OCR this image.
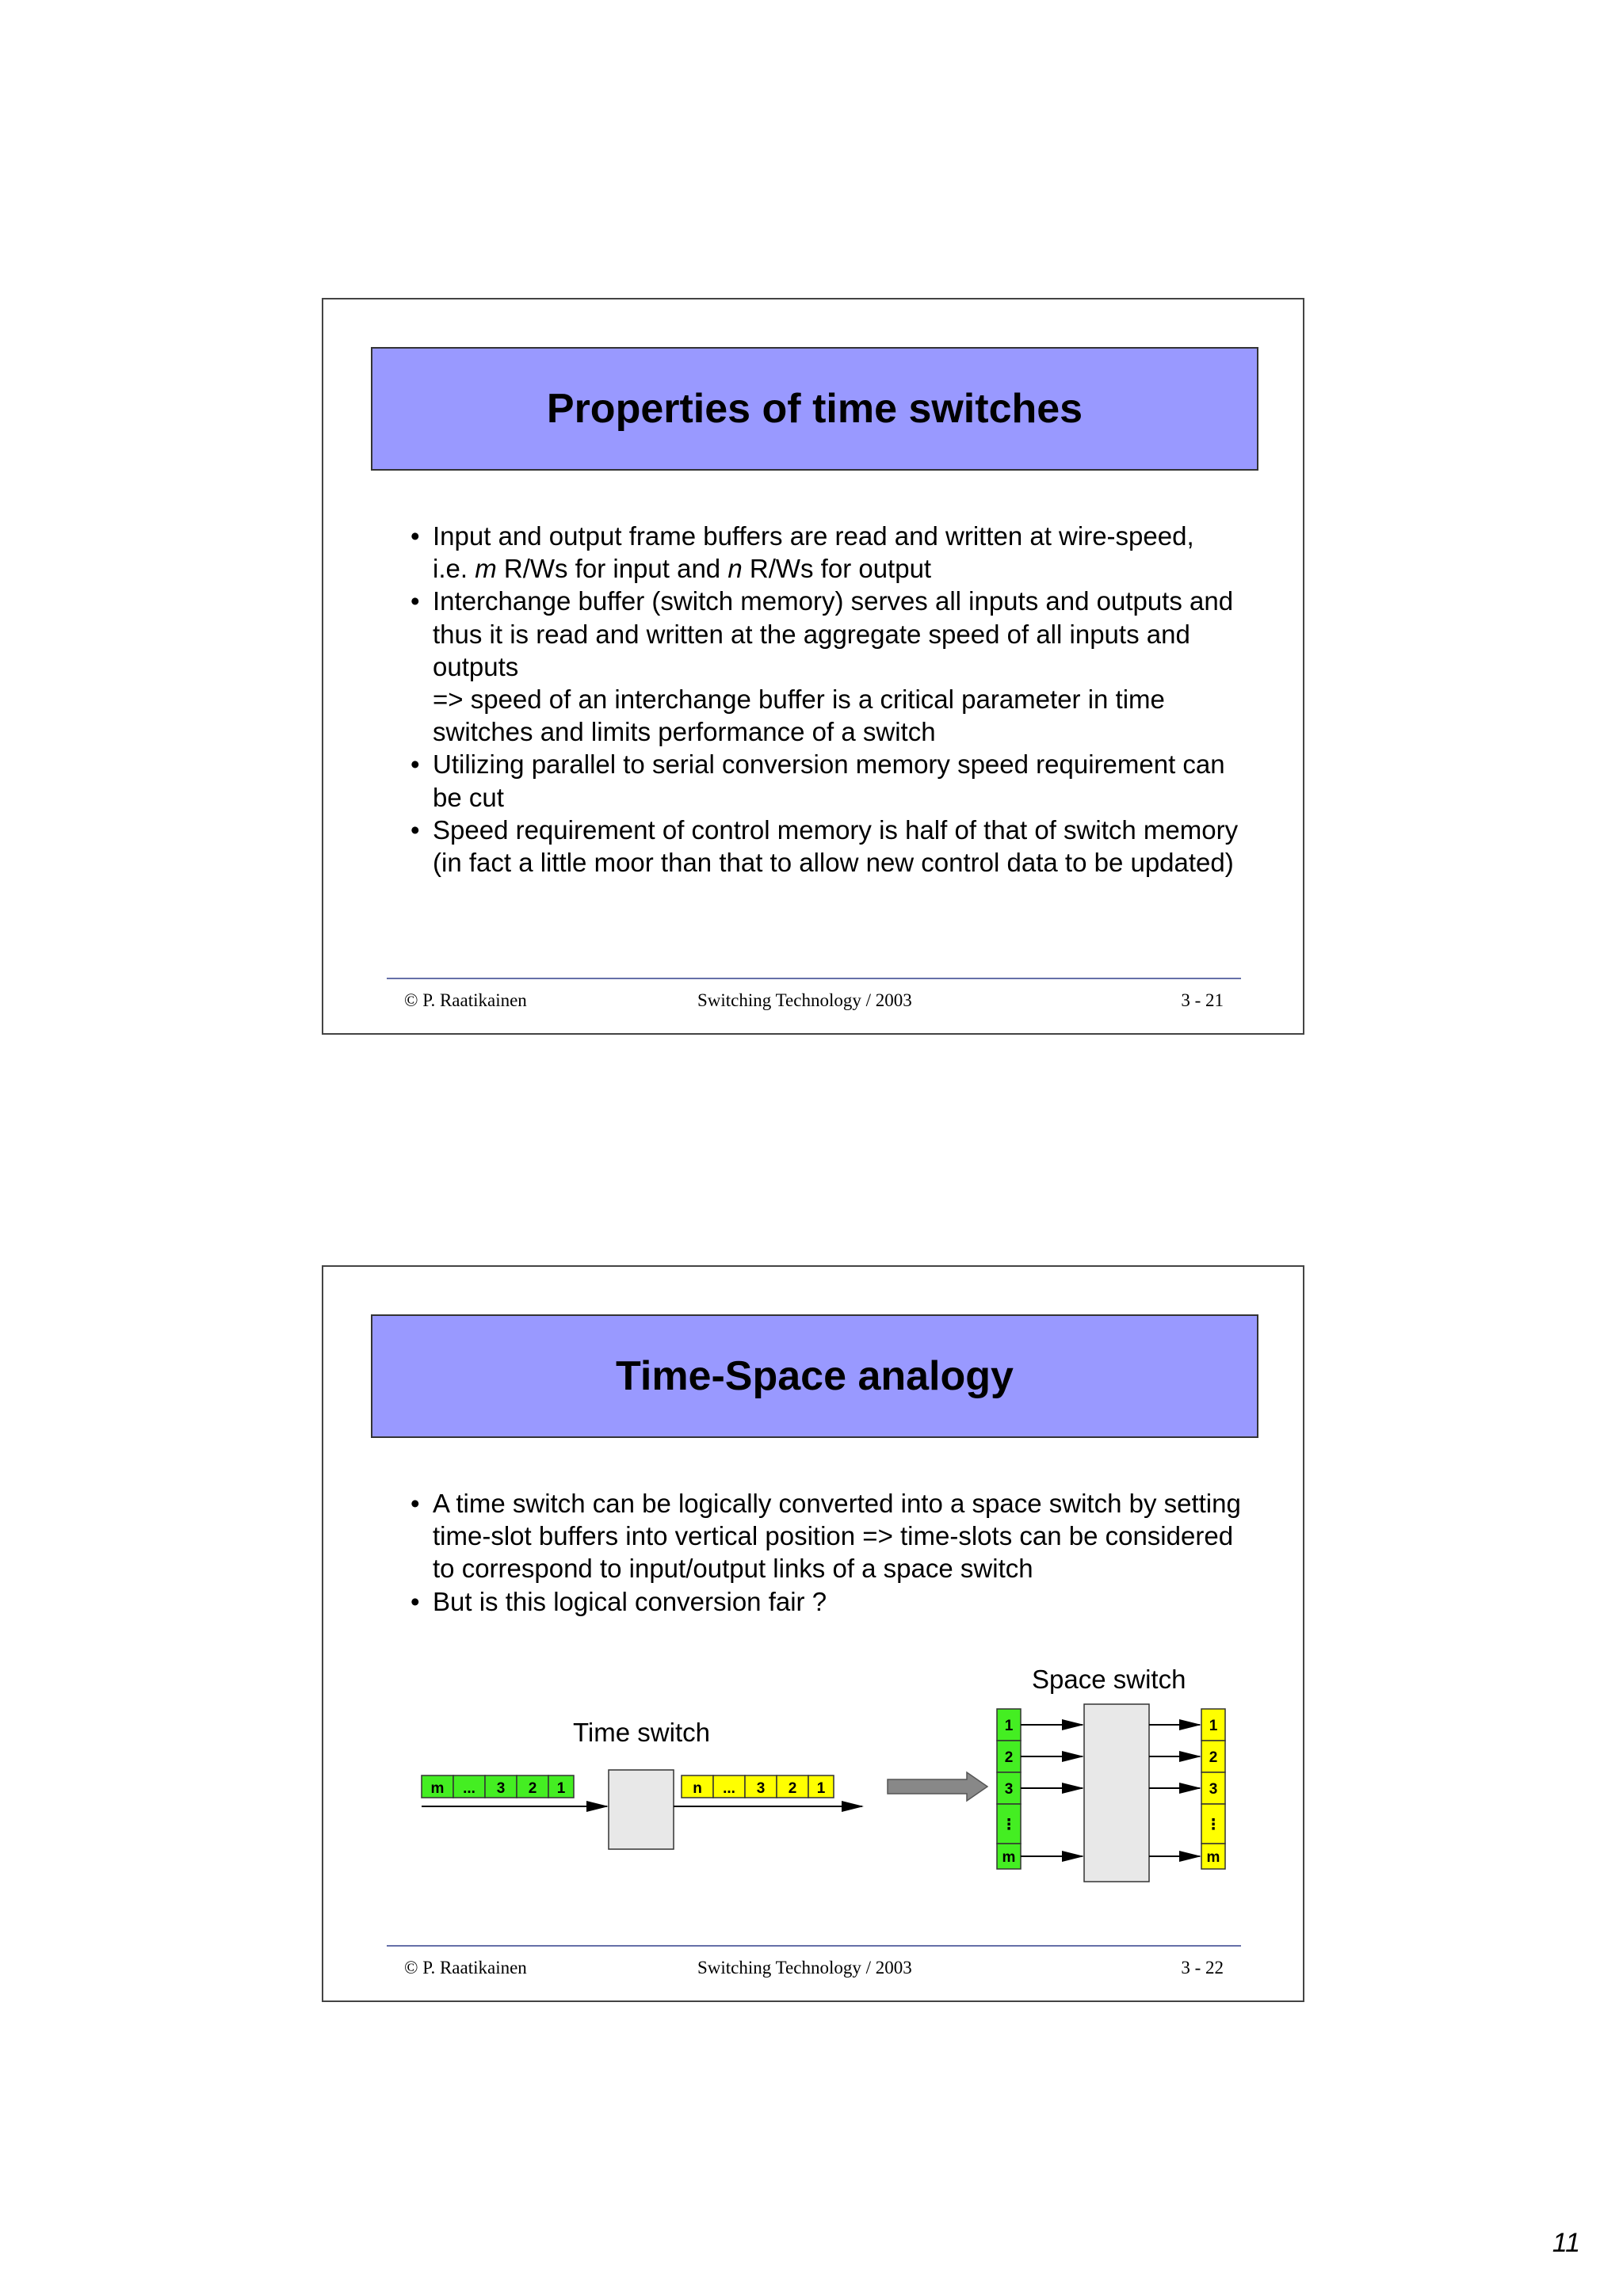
Properties of time switches
• Input and output frame buffers are read and written at wire-speed,
i.e. m R/Ws for input and n R/Ws for output
• Interchange buffer (switch memory) serves all inputs and outputs and thus it is read and written at the aggregate speed of all inputs and outputs
=> speed of an interchange buffer is a critical parameter in time switches and limits performance of a switch
• Utilizing parallel to serial conversion memory speed requirement can be cut
• Speed requirement of control memory is half of that of switch memory (in fact a little moor than that to allow new control data to be updated)
© P. Raatikainen	Switching Technology / 2003	3 - 21
Time-Space analogy
• A time switch can be logically converted into a space switch by setting time-slot buffers into vertical position => time-slots can be considered to correspond to input/output links of a space switch
• But is this logical conversion fair ?
Time switch
Space switch
m ... 3 2 1	n ... 3 2 1
1
2
3
⋮
m
1
2
3
⋮
m
© P. Raatikainen	Switching Technology / 2003	3 - 22
11
